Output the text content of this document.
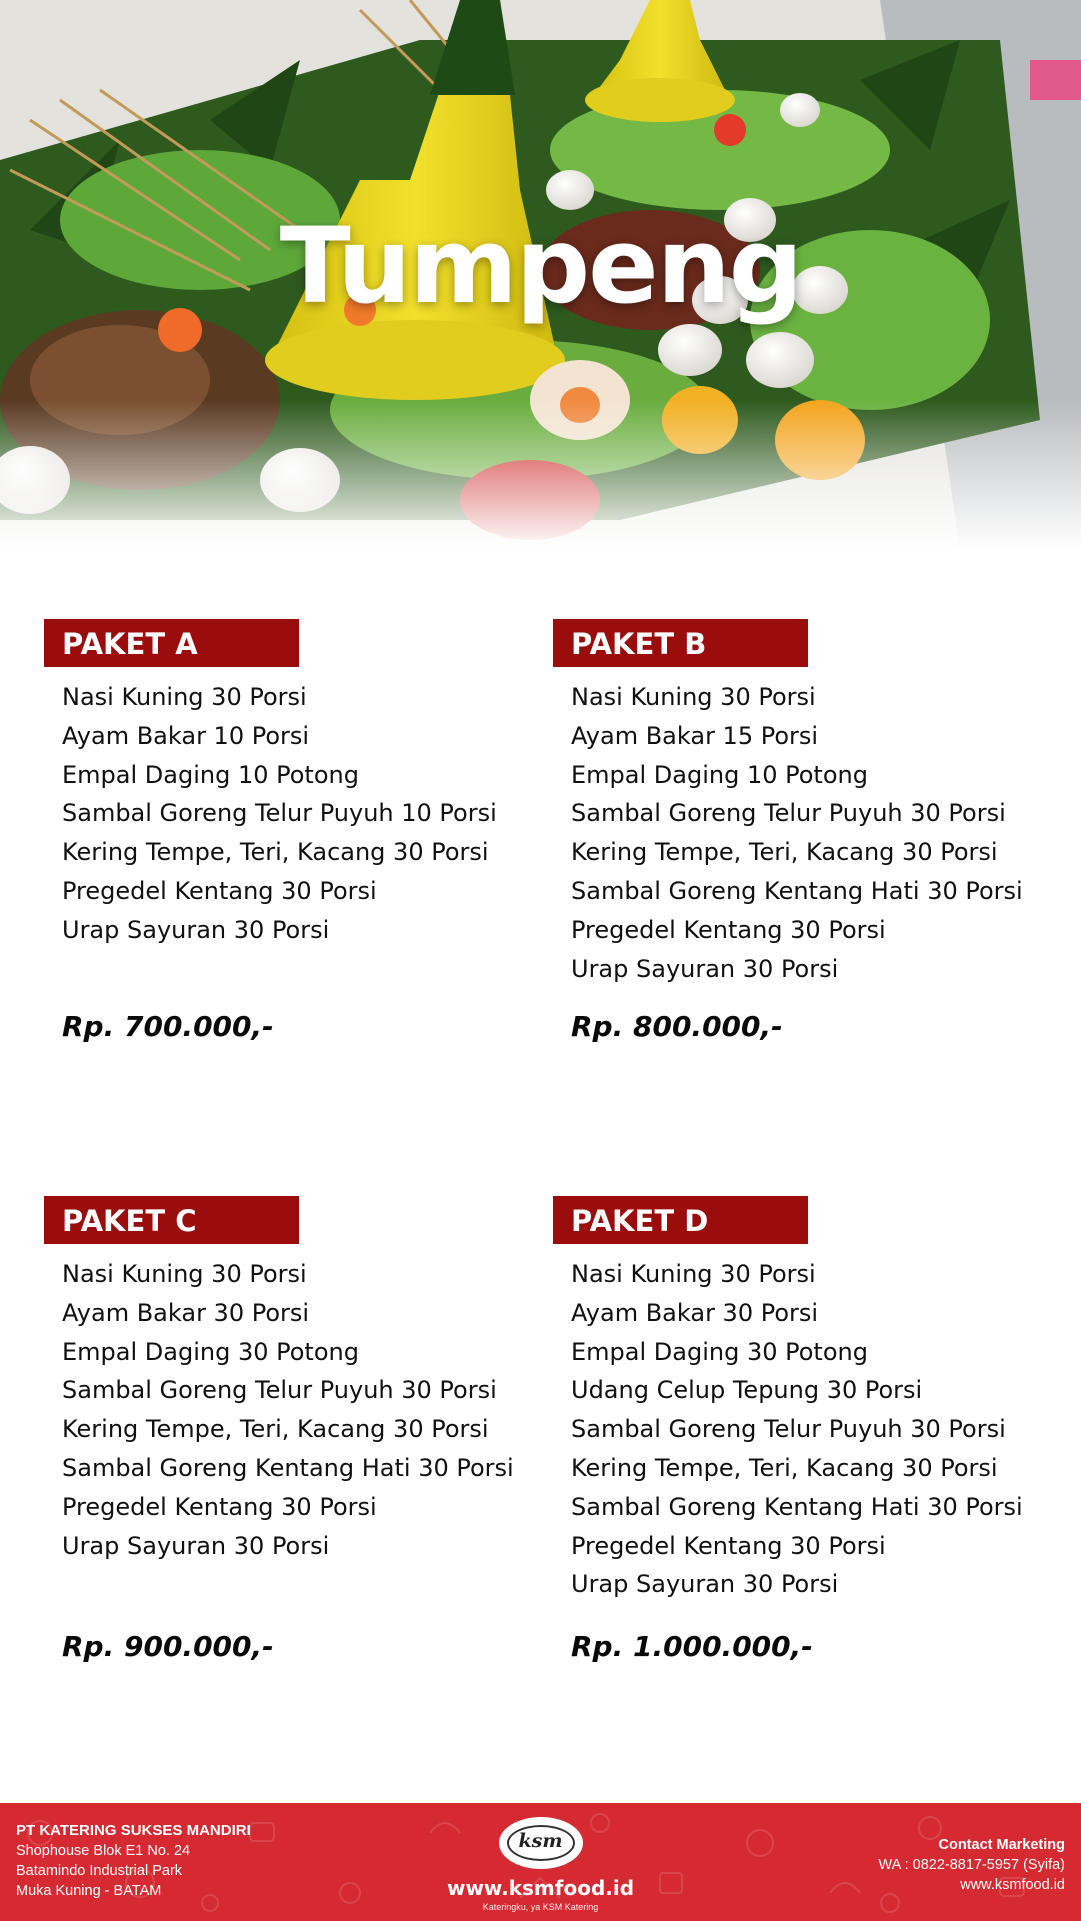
Tumpeng
PAKET A
Nasi Kuning 30 Porsi
Ayam Bakar 10 Porsi
Empal Daging 10 Potong
Sambal Goreng Telur Puyuh 10 Porsi
Kering Tempe, Teri, Kacang 30 Porsi
Pregedel Kentang 30 Porsi
Urap Sayuran 30 Porsi

Rp. 700.000,-

PAKET B
Nasi Kuning 30 Porsi
Ayam Bakar 15 Porsi
Empal Daging 10 Potong
Sambal Goreng Telur Puyuh 30 Porsi
Kering Tempe, Teri, Kacang 30 Porsi
Sambal Goreng Kentang Hati 30 Porsi
Pregedel Kentang 30 Porsi
Urap Sayuran 30 Porsi

Rp. 800.000,-

PAKET C
Nasi Kuning 30 Porsi
Ayam Bakar 30 Porsi
Empal Daging 30 Potong
Sambal Goreng Telur Puyuh 30 Porsi
Kering Tempe, Teri, Kacang 30 Porsi
Sambal Goreng Kentang Hati 30 Porsi
Pregedel Kentang 30 Porsi
Urap Sayuran 30 Porsi

Rp. 900.000,-

PAKET D
Nasi Kuning 30 Porsi
Ayam Bakar 30 Porsi
Empal Daging 30 Potong
Udang Celup Tepung 30 Porsi
Sambal Goreng Telur Puyuh 30 Porsi
Kering Tempe, Teri, Kacang 30 Porsi
Sambal Goreng Kentang Hati 30 Porsi
Pregedel Kentang 30 Porsi
Urap Sayuran 30 Porsi

Rp. 1.000.000,-

PT KATERING SUKSES MANDIRI
Shophouse Blok E1 No. 24
Batamindo Industrial Park
Muka Kuning - BATAM
ksm
www.ksmfood.id
Kateringku, ya KSM Katering
Contact Marketing
WA : 0822-8817-5957 (Syifa)
www.ksmfood.id
